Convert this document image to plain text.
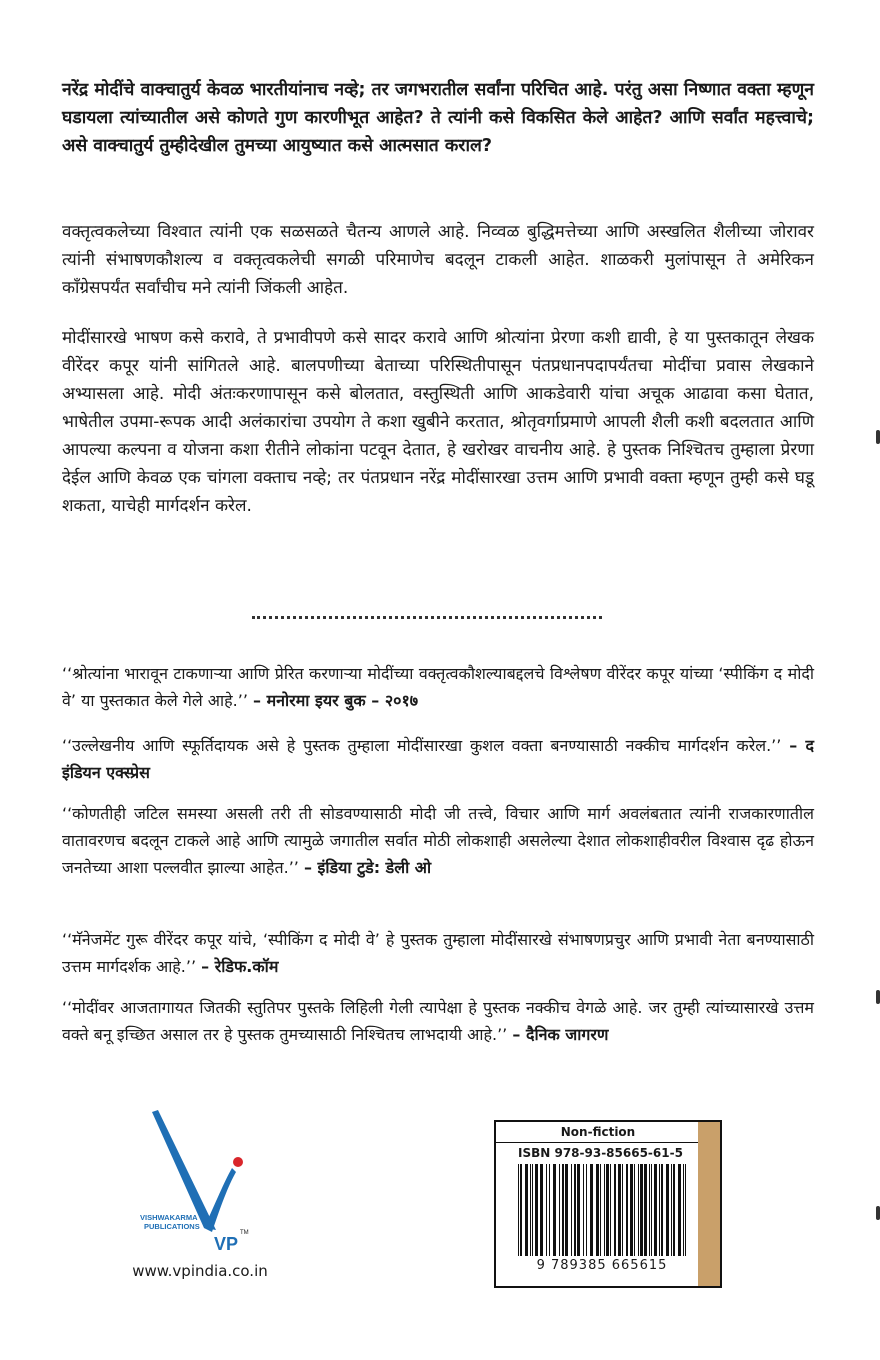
नरेंद्र मोदींचे वाक्चातुर्य केवळ भारतीयांनाच नव्हे; तर जगभरातील सर्वांना परिचित आहे. परंतु असा निष्णात वक्ता म्हणून घडायला त्यांच्यातील असे कोणते गुण कारणीभूत आहेत? ते त्यांनी कसे विकसित केले आहेत? आणि सर्वांत महत्त्वाचे; असे वाक्चातुर्य तुम्हीदेखील तुमच्या आयुष्यात कसे आत्मसात कराल?

वक्तृत्वकलेच्या विश्वात त्यांनी एक सळसळते चैतन्य आणले आहे. निव्वळ बुद्धिमत्तेच्या आणि अस्खलित शैलीच्या जोरावर त्यांनी संभाषणकौशल्य व वक्तृत्वकलेची सगळी परिमाणेच बदलून टाकली आहेत. शाळकरी मुलांपासून ते अमेरिकन काँग्रेसपर्यंत सर्वांचीच मने त्यांनी जिंकली आहेत.

मोदींसारखे भाषण कसे करावे, ते प्रभावीपणे कसे सादर करावे आणि श्रोत्यांना प्रेरणा कशी द्यावी, हे या पुस्तकातून लेखक वीरेंदर कपूर यांनी सांगितले आहे. बालपणीच्या बेताच्या परिस्थितीपासून पंतप्रधानपदापर्यंतचा मोदींचा प्रवास लेखकाने अभ्यासला आहे. मोदी अंतःकरणापासून कसे बोलतात, वस्तुस्थिती आणि आकडेवारी यांचा अचूक आढावा कसा घेतात, भाषेतील उपमा-रूपक आदी अलंकारांचा उपयोग ते कशा खुबीने करतात, श्रोतृवर्गाप्रमाणे आपली शैली कशी बदलतात आणि आपल्या कल्पना व योजना कशा रीतीने लोकांना पटवून देतात, हे खरोखर वाचनीय आहे. हे पुस्तक निश्चितच तुम्हाला प्रेरणा देईल आणि केवळ एक चांगला वक्ताच नव्हे; तर पंतप्रधान नरेंद्र मोदींसारखा उत्तम आणि प्रभावी वक्ता म्हणून तुम्ही कसे घडू शकता, याचेही मार्गदर्शन करेल.

‘‘श्रोत्यांना भारावून टाकणाऱ्या आणि प्रेरित करणाऱ्या मोदींच्या वक्तृत्वकौशल्याबद्दलचे विश्लेषण वीरेंदर कपूर यांच्या ‘स्पीकिंग द मोदी वे’ या पुस्तकात केले गेले आहे.’’ – मनोरमा इयर बुक – २०१७

‘‘उल्लेखनीय आणि स्फूर्तिदायक असे हे पुस्तक तुम्हाला मोदींसारखा कुशल वक्ता बनण्यासाठी नक्कीच मार्गदर्शन करेल.’’ – द इंडियन एक्स्प्रेस

‘‘कोणतीही जटिल समस्या असली तरी ती सोडवण्यासाठी मोदी जी तत्त्वे, विचार आणि मार्ग अवलंबतात त्यांनी राजकारणातील वातावरणच बदलून टाकले आहे आणि त्यामुळे जगातील सर्वात मोठी लोकशाही असलेल्या देशात लोकशाहीवरील विश्वास दृढ होऊन जनतेच्या आशा पल्लवीत झाल्या आहेत.’’ – इंडिया टुडे: डेली ओ

‘‘मॅनेजमेंट गुरू वीरेंदर कपूर यांचे, ‘स्पीकिंग द मोदी वे’ हे पुस्तक तुम्हाला मोदींसारखे संभाषणप्रचुर आणि प्रभावी नेता बनण्यासाठी उत्तम मार्गदर्शक आहे.’’ – रेडिफ.कॉम

‘‘मोदींवर आजतागायत जितकी स्तुतिपर पुस्तके लिहिली गेली त्यापेक्षा हे पुस्तक नक्कीच वेगळे आहे. जर तुम्ही त्यांच्यासारखे उत्तम वक्ते बनू इच्छित असाल तर हे पुस्तक तुमच्यासाठी निश्चितच लाभदायी आहे.’’ – दैनिक जागरण

VISHWAKARMA
PUBLICATIONS
VP
TM
www.vpindia.co.in
Non-fiction
ISBN 978-93-85665-61-5
9 789385 665615
